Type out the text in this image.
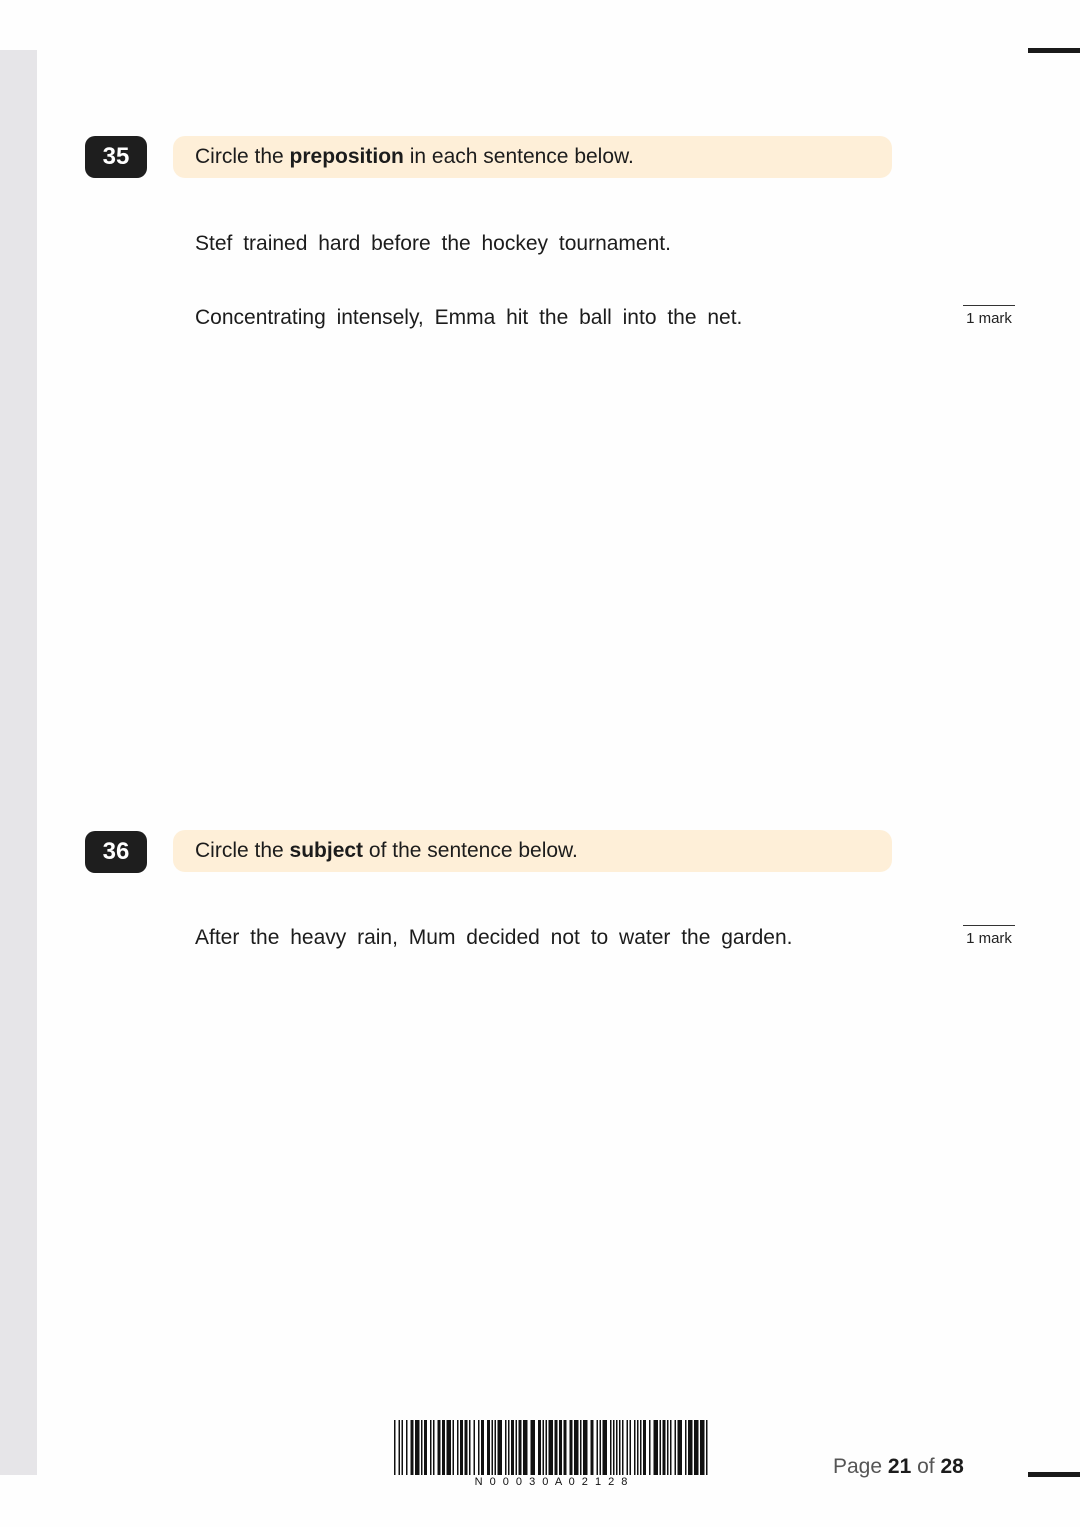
35	Circle the preposition in each sentence below.
Stef trained hard before the hockey tournament.
Concentrating intensely, Emma hit the ball into the net.	1 mark
36	Circle the subject of the sentence below.
After the heavy rain, Mum decided not to water the garden.	1 mark
N 0 0 0 3 0 A 0 2 1 2 8
Page 21 of 28
